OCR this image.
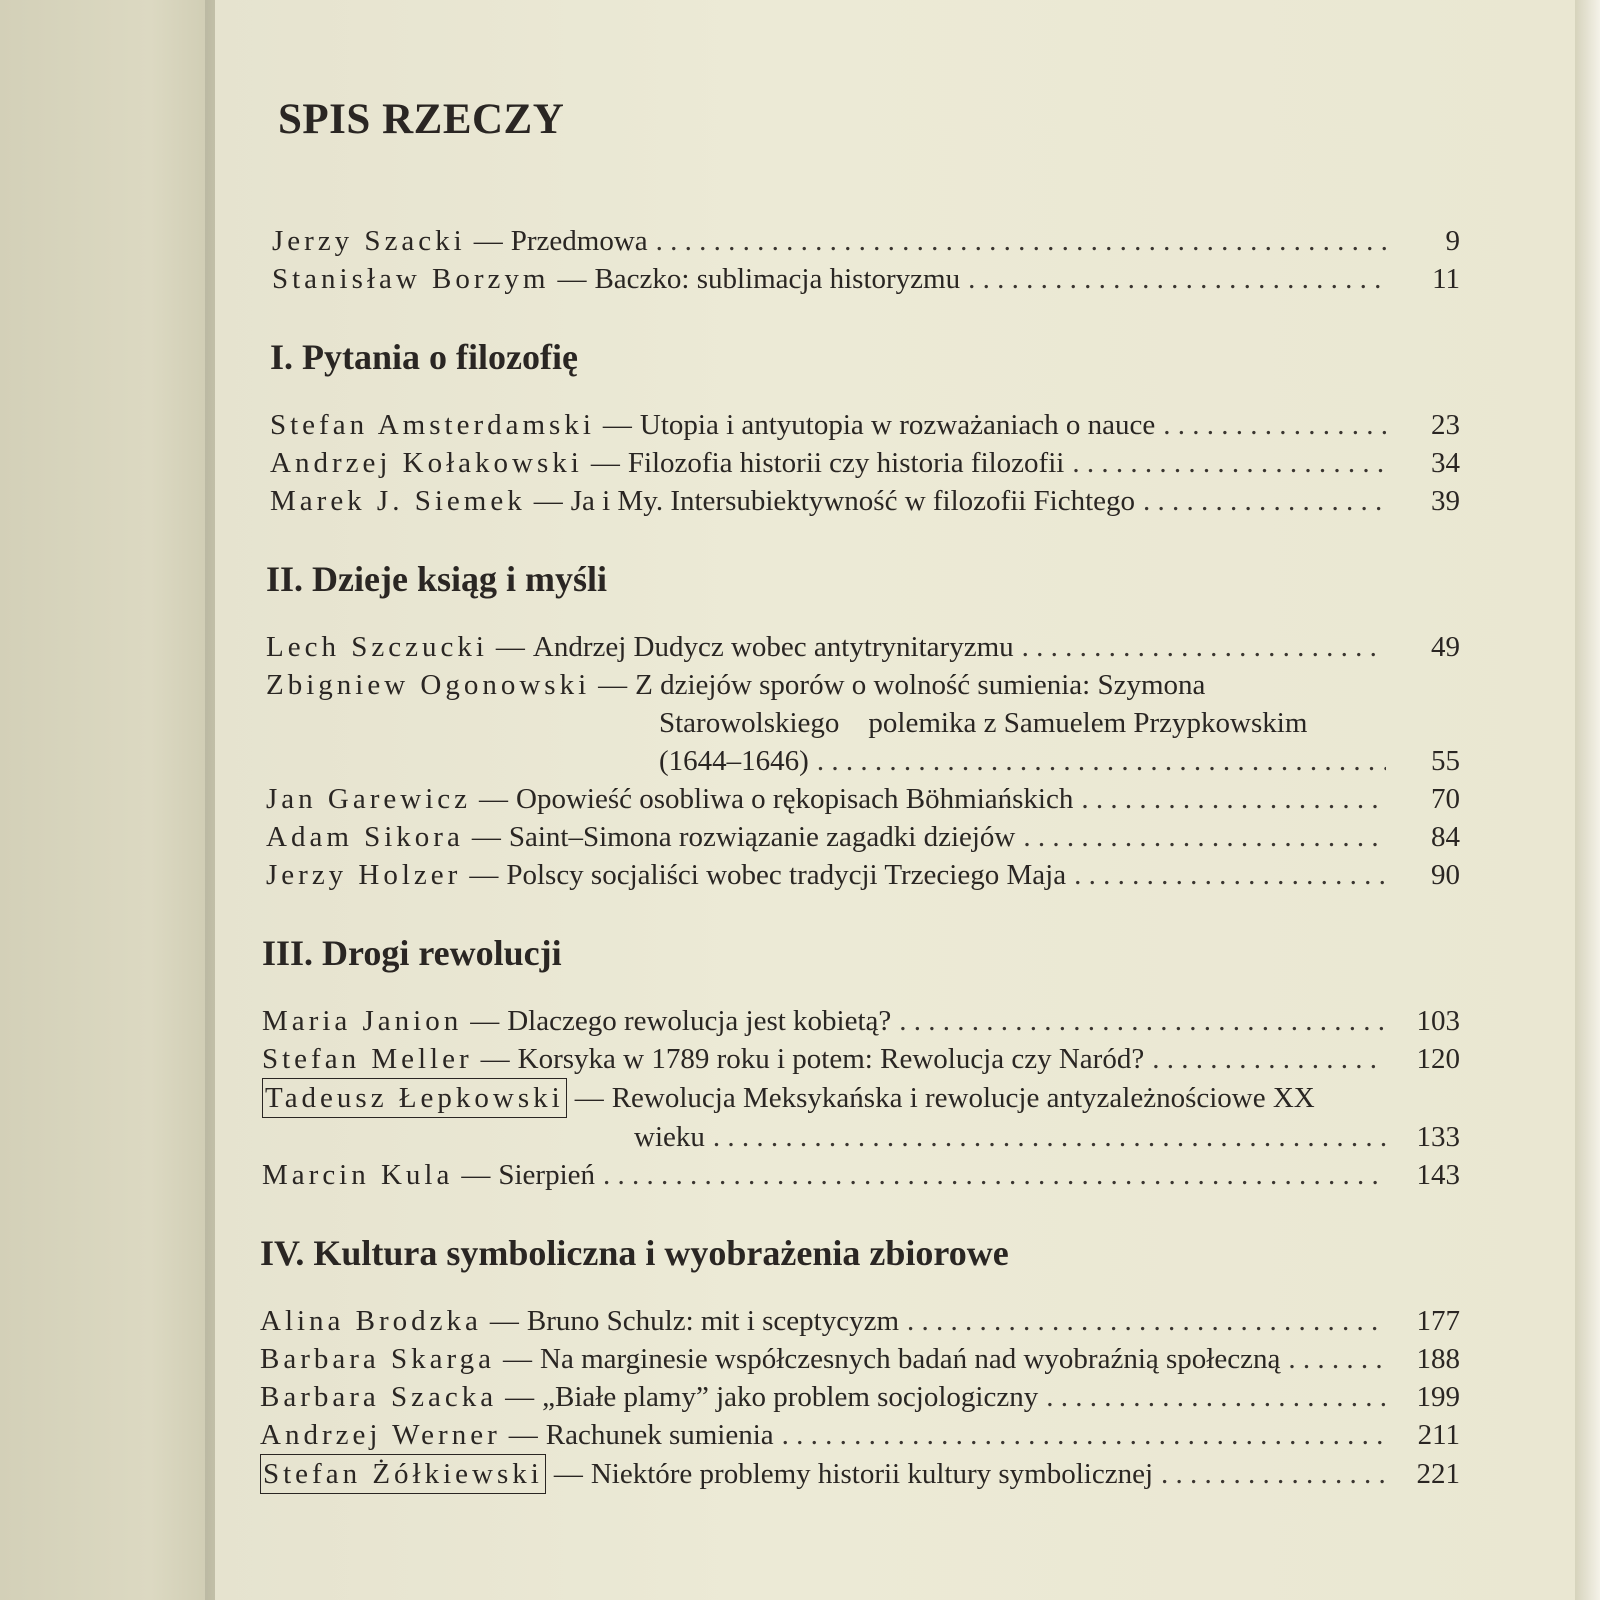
SPIS RZECZY
Jerzy Szacki — Przedmowa . . .	9
Stanisław Borzym — Baczko: sublimacja historyzmu . . .	11
I. Pytania o filozofię
Stefan Amsterdamski — Utopia i antyutopia w rozważaniach o nauce . . .	23
Andrzej Kołakowski — Filozofia historii czy historia filozofii . . .	34
Marek J. Siemek — Ja i My. Intersubiektywność w filozofii Fichtego . . .	39
II. Dzieje ksiąg i myśli
Lech Szczucki — Andrzej Dudycz wobec antytrynitaryzmu . . .	49
Zbigniew Ogonowski — Z dziejów sporów o wolność sumienia: Szymona
Starowolskiego    polemika z Samuelem Przypkowskim
(1644–1646) . . .	55
Jan Garewicz — Opowieść osobliwa o rękopisach Böhmiańskich . . .	70
Adam Sikora — Saint–Simona rozwiązanie zagadki dziejów . . .	84
Jerzy Holzer — Polscy socjaliści wobec tradycji Trzeciego Maja . . .	90
III. Drogi rewolucji
Maria Janion — Dlaczego rewolucja jest kobietą? . . .	103
Stefan Meller — Korsyka w 1789 roku i potem: Rewolucja czy Naród? . . .	120
Tadeusz Łepkowski — Rewolucja Meksykańska i rewolucje antyzależnościowe XX
wieku . . .	133
Marcin Kula — Sierpień . . .	143
IV. Kultura symboliczna i wyobrażenia zbiorowe
Alina Brodzka — Bruno Schulz: mit i sceptycyzm . . .	177
Barbara Skarga — Na marginesie współczesnych badań nad wyobraźnią społeczną . . .	188
Barbara Szacka — „Białe plamy” jako problem socjologiczny . . .	199
Andrzej Werner — Rachunek sumienia . . .	211
Stefan Żółkiewski — Niektóre problemy historii kultury symbolicznej . . .	221
